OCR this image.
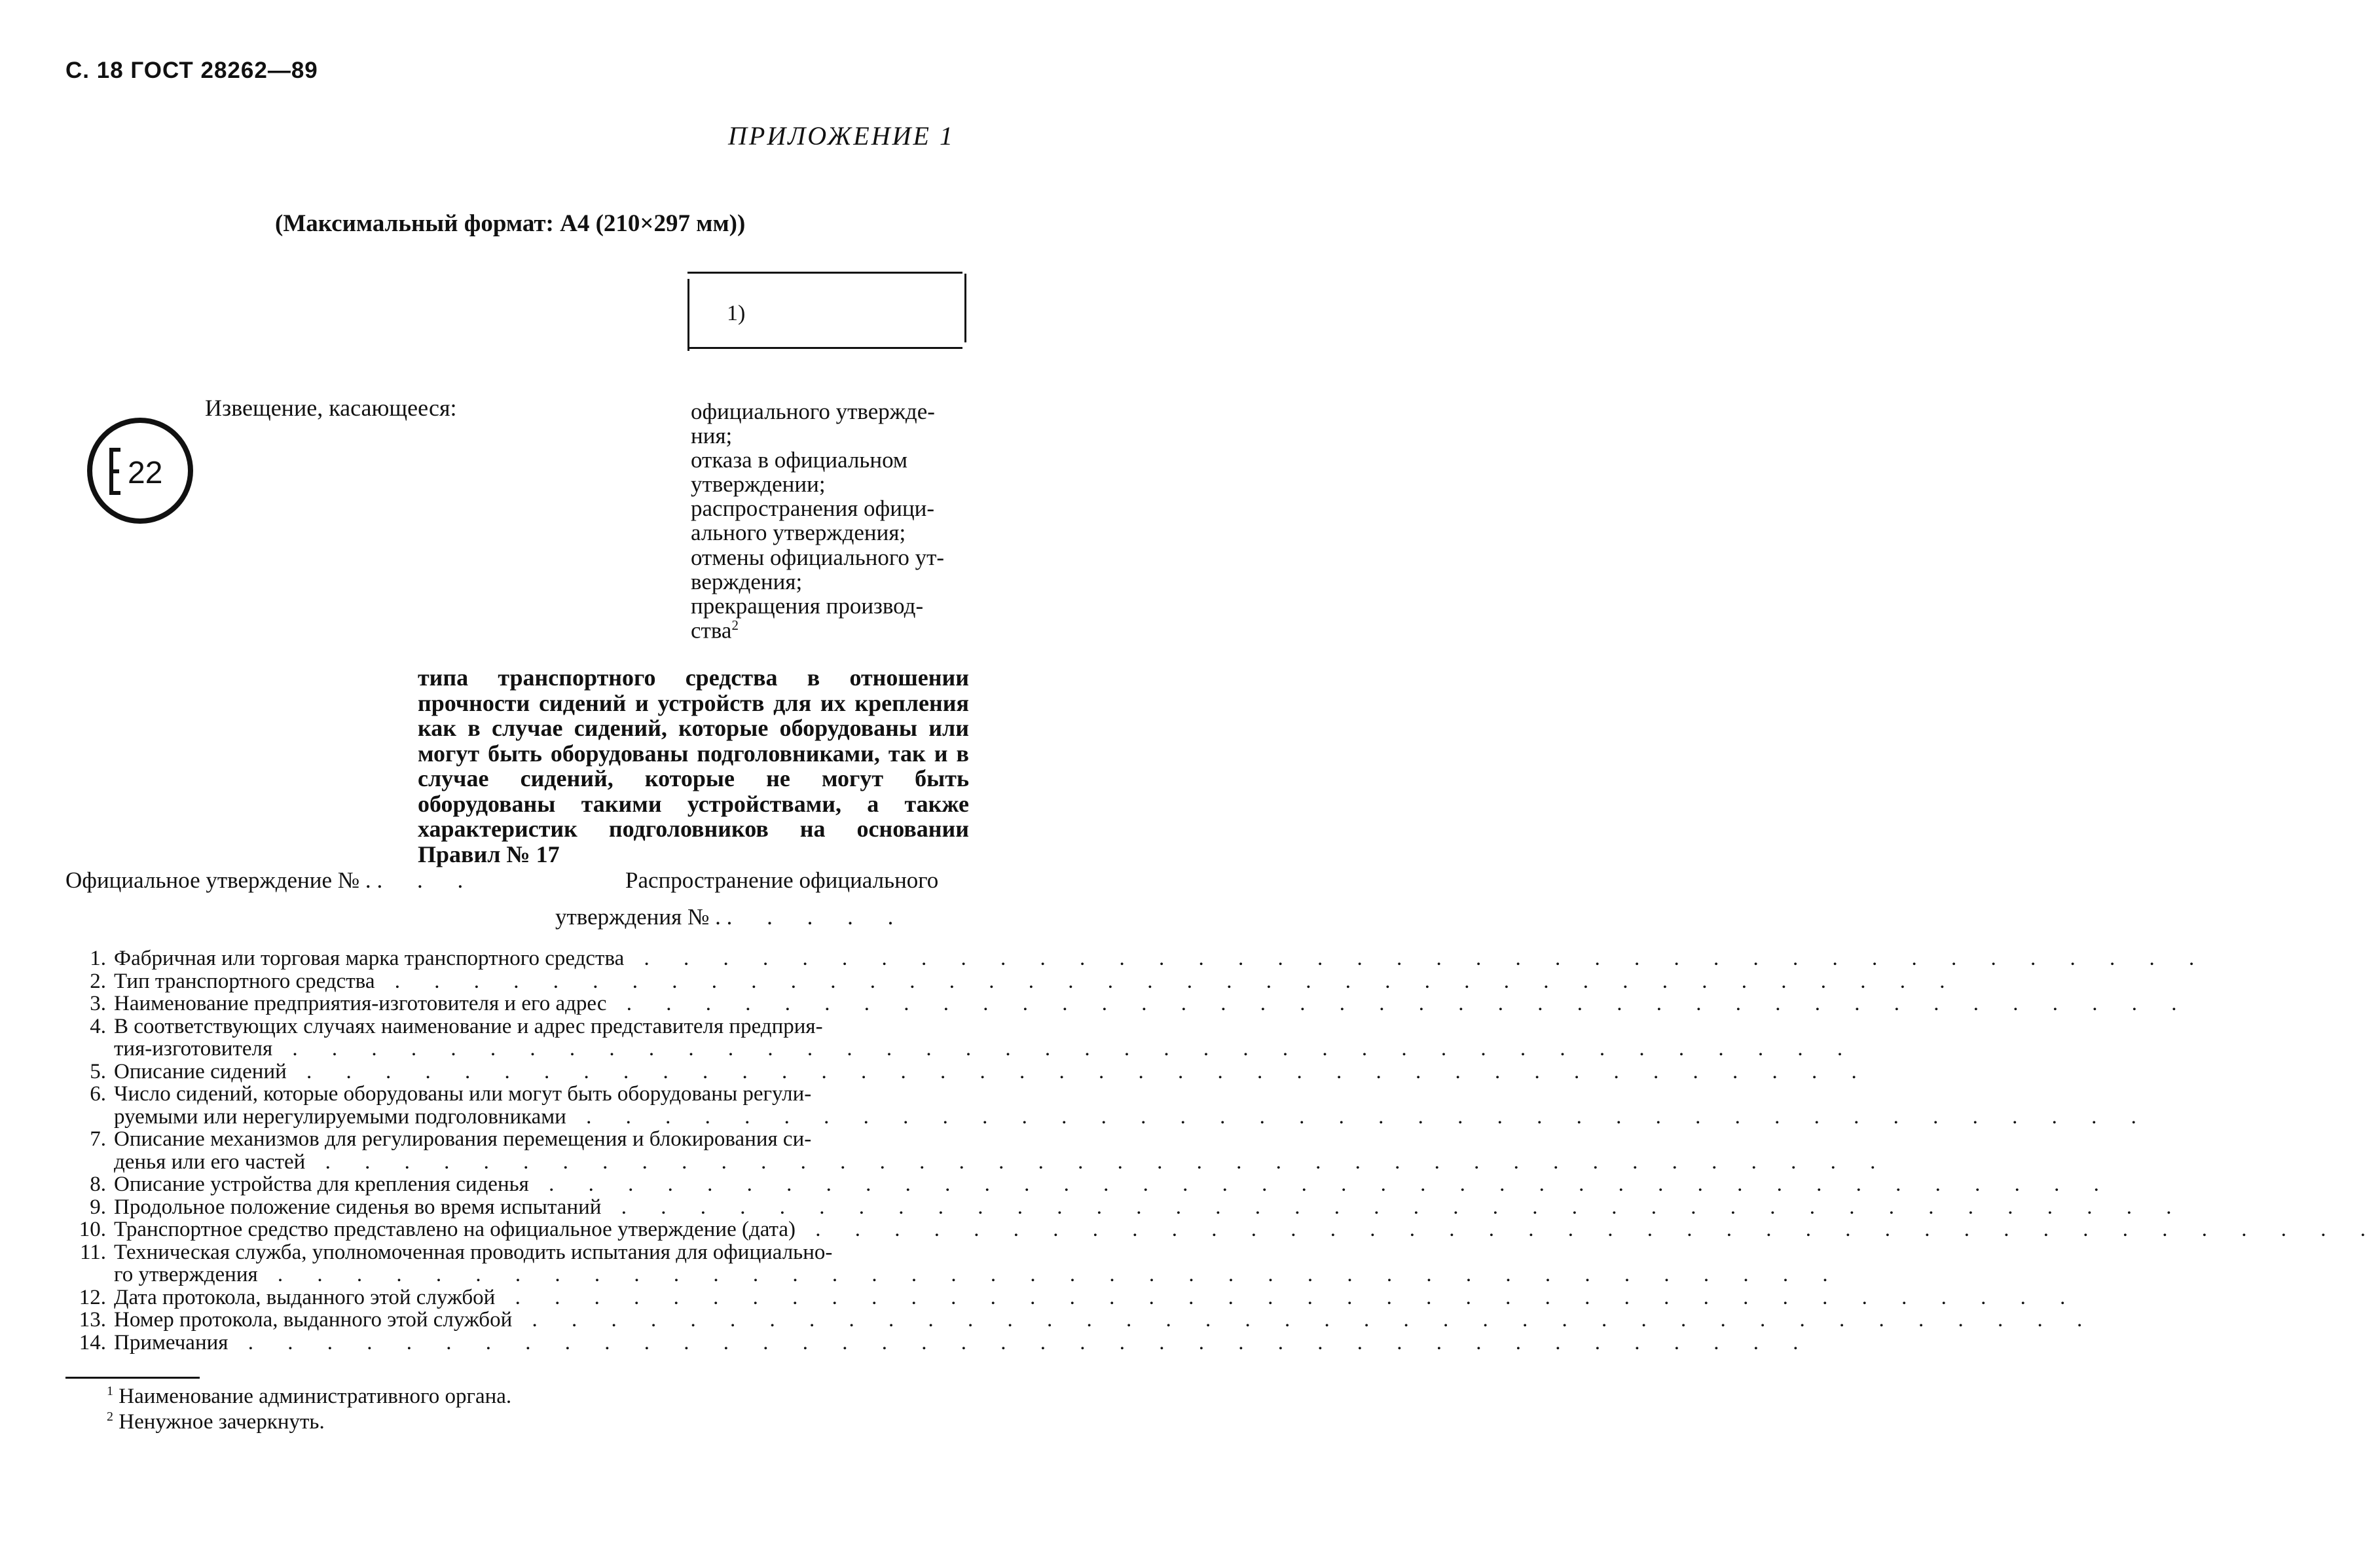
С. 18 ГОСТ 28262—89
ПРИЛОЖЕНИЕ 1
(Максимальный формат: А4 (210×297 мм))
1)
22
Извещение, касающееся:	официального утвержде-
ния;
отказа в официальном
утверждении;
распространения офици-
ального утверждения;
отмены официального ут-
верждения;
прекращения производ-
ства$^2$
типа транспортного средства в отношении прочности сидений и устройств для их крепления как в случае сидений, которые оборудованы или могут быть оборудованы подголовниками, так и в случае сидений, которые не могут быть оборудованы такими устройствами, а также характеристик подголовников на основании Правил № 17
Официальное утверждение № . . . .	Распространение официального
утверждения № . . . . . .
1. Фабричная или торговая марка транспортного средства . . . . . . . . . . . . . . . . . . . . . . . . . . . . . . . . . . . . . . . .
2. Тип транспортного средства . . . . . . . . . . . . . . . . . . . . . . . . . . . . . . . . . . . . . . . .
3. Наименование предприятия-изготовителя и его адрес . . . . . . . . . . . . . . . . . . . . . . . . . . . . . . . . . . . . . . . .
4. В соответствующих случаях наименование и адрес представителя предприя-
тия-изготовителя . . . . . . . . . . . . . . . . . . . . . . . . . . . . . . . . . . . . . . . .
5. Описание сидений . . . . . . . . . . . . . . . . . . . . . . . . . . . . . . . . . . . . . . . .
6. Число сидений, которые оборудованы или могут быть оборудованы регули-
руемыми или нерегулируемыми подголовниками . . . . . . . . . . . . . . . . . . . . . . . . . . . . . . . . . . . . . . . .
7. Описание механизмов для регулирования перемещения и блокирования си-
денья или его частей . . . . . . . . . . . . . . . . . . . . . . . . . . . . . . . . . . . . . . . .
8. Описание устройства для крепления сиденья . . . . . . . . . . . . . . . . . . . . . . . . . . . . . . . . . . . . . . . .
9. Продольное положение сиденья во время испытаний . . . . . . . . . . . . . . . . . . . . . . . . . . . . . . . . . . . . . . . .
10. Транспортное средство представлено на официальное утверждение (дата) . . . . . . . . . . . . . . . . . . . . . . . . . . . . . . . . . . . . . . . .
11. Техническая служба, уполномоченная проводить испытания для официально-
го утверждения . . . . . . . . . . . . . . . . . . . . . . . . . . . . . . . . . . . . . . . .
12. Дата протокола, выданного этой службой . . . . . . . . . . . . . . . . . . . . . . . . . . . . . . . . . . . . . . . .
13. Номер протокола, выданного этой службой . . . . . . . . . . . . . . . . . . . . . . . . . . . . . . . . . . . . . . . .
14. Примечания . . . . . . . . . . . . . . . . . . . . . . . . . . . . . . . . . . . . . . . .
$^1$ Наименование административного органа.
$^2$ Ненужное зачеркнуть.
